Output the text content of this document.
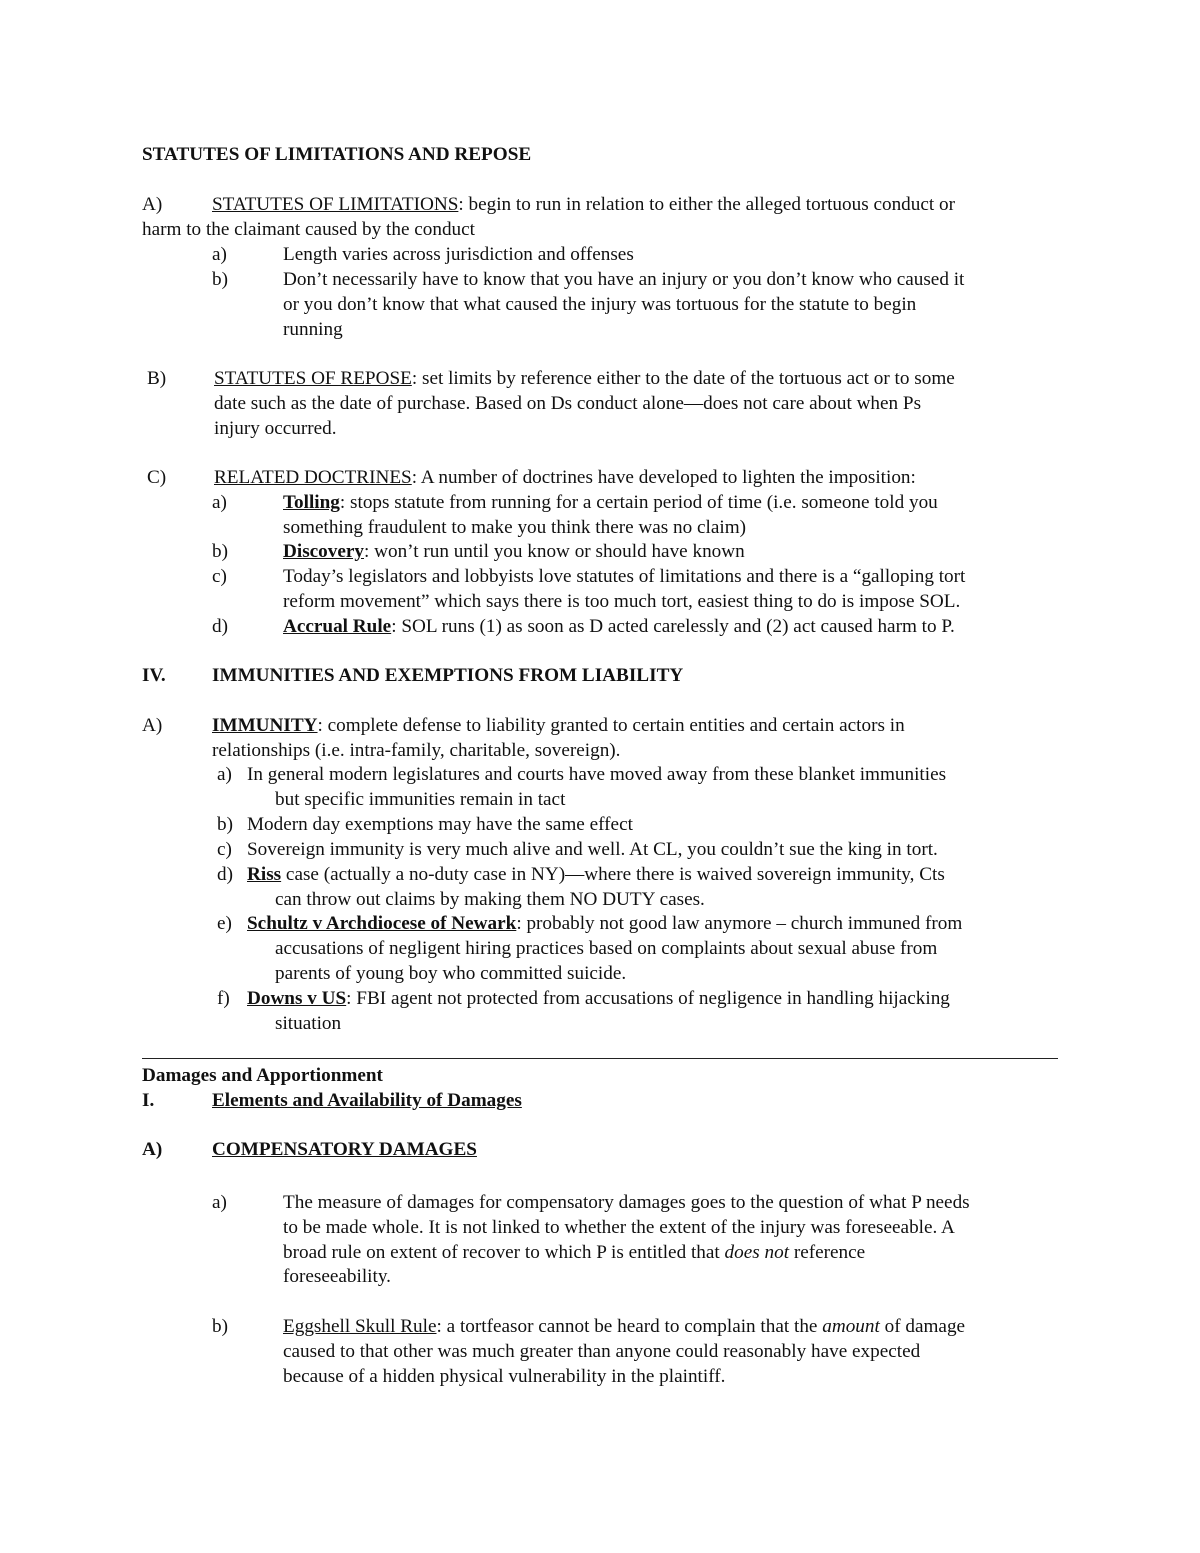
STATUTES OF LIMITATIONS AND REPOSE
A)	STATUTES OF LIMITATIONS: begin to run in relation to either the alleged tortuous conduct or
harm to the claimant caused by the conduct
a)	Length varies across jurisdiction and offenses
b)	Don’t necessarily have to know that you have an injury or you don’t know who caused it
or you don’t know that what caused the injury was tortuous for the statute to begin
running
B) STATUTES OF REPOSE: set limits by reference either to the date of the tortuous act or to some
date such as the date of purchase. Based on Ds conduct alone—does not care about when Ps
injury occurred.
C) RELATED DOCTRINES: A number of doctrines have developed to lighten the imposition:
a)	Tolling: stops statute from running for a certain period of time (i.e. someone told you
something fraudulent to make you think there was no claim)
b)	Discovery: won’t run until you know or should have known
c)	Today’s legislators and lobbyists love statutes of limitations and there is a “galloping tort
reform movement” which says there is too much tort, easiest thing to do is impose SOL.
d)	Accrual Rule: SOL runs (1) as soon as D acted carelessly and (2) act caused harm to P.
IV. IMMUNITIES AND EXEMPTIONS FROM LIABILITY
A)	IMMUNITY: complete defense to liability granted to certain entities and certain actors in
relationships (i.e. intra-family, charitable, sovereign).
a) In general modern legislatures and courts have moved away from these blanket immunities
but specific immunities remain in tact
b) Modern day exemptions may have the same effect
c) Sovereign immunity is very much alive and well. At CL, you couldn’t sue the king in tort.
d) Riss case (actually a no-duty case in NY)—where there is waived sovereign immunity, Cts
can throw out claims by making them NO DUTY cases.
e) Schultz v Archdiocese of Newark: probably not good law anymore – church immuned from
accusations of negligent hiring practices based on complaints about sexual abuse from
parents of young boy who committed suicide.
f) Downs v US: FBI agent not protected from accusations of negligence in handling hijacking
situation
Damages and Apportionment
I.	Elements and Availability of Damages
A)	COMPENSATORY DAMAGES
a)	The measure of damages for compensatory damages goes to the question of what P needs
to be made whole. It is not linked to whether the extent of the injury was foreseeable. A
broad rule on extent of recover to which P is entitled that does not reference
foreseeability.
b)	Eggshell Skull Rule: a tortfeasor cannot be heard to complain that the amount of damage
caused to that other was much greater than anyone could reasonably have expected
because of a hidden physical vulnerability in the plaintiff.
